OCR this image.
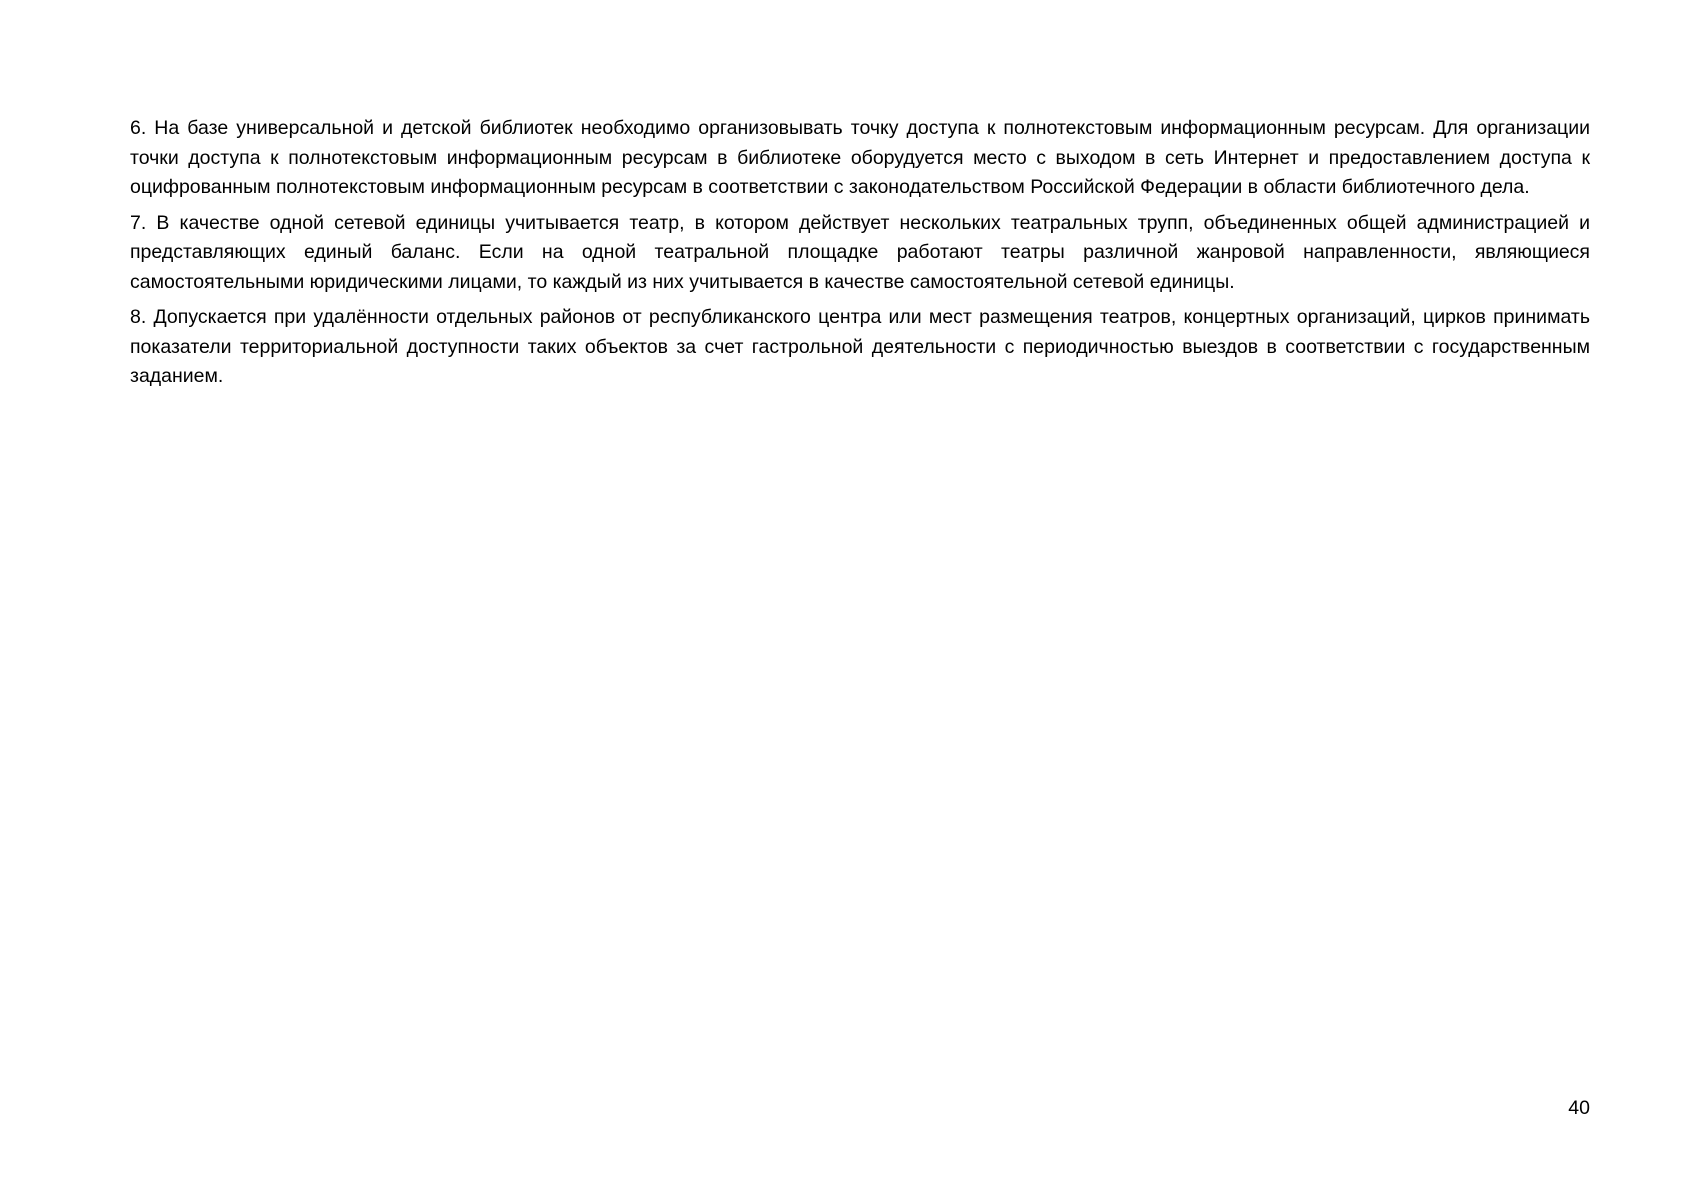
6. На базе универсальной и детской библиотек необходимо организовывать точку доступа к полнотекстовым информационным ресурсам. Для организации точки доступа к полнотекстовым информационным ресурсам в библиотеке оборудуется место с выходом в сеть Интернет и предоставлением доступа к оцифрованным полнотекстовым информационным ресурсам в соответствии с законодательством Российской Федерации в области библиотечного дела.

7. В качестве одной сетевой единицы учитывается театр, в котором действует нескольких театральных трупп, объединенных общей администрацией и представляющих единый баланс. Если на одной театральной площадке работают театры различной жанровой направленности, являющиеся самостоятельными юридическими лицами, то каждый из них учитывается в качестве самостоятельной сетевой единицы.

8. Допускается при удалённости отдельных районов от республиканского центра или мест размещения театров, концертных организаций, цирков принимать показатели территориальной доступности таких объектов за счет гастрольной деятельности с периодичностью выездов в соответствии с государственным заданием.

40
